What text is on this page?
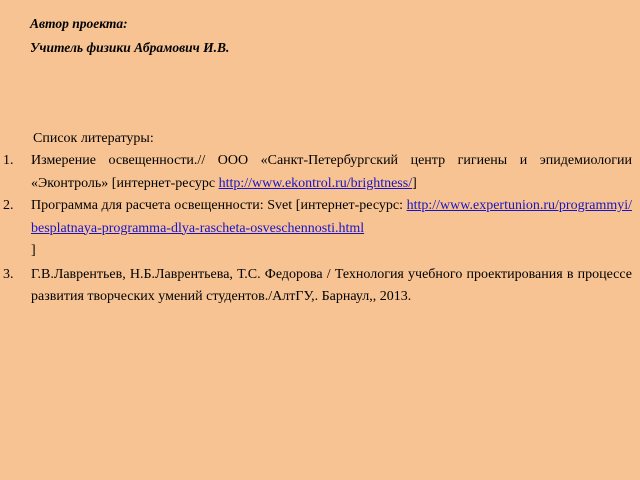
Автор проекта:
Учитель физики Абрамович И.В.
Список литературы:
1. Измерение освещенности.// ООО «Санкт-Петербургский центр гигиены и эпидемиологии «Эконтроль» [интернет-ресурс http://www.ekontrol.ru/brightness/]
2. Программа для расчета освещенности: Svet [интернет-ресурс: http://www.expertunion.ru/programmyi/besplatnaya-programma-dlya-rascheta-osveschennosti.html
]
3. Г.В.Лаврентьев, Н.Б.Лаврентьева, Т.С. Федорова / Технология учебного проектирования в процессе развития творческих умений студентов./АлтГУ,. Барнаул,, 2013.
